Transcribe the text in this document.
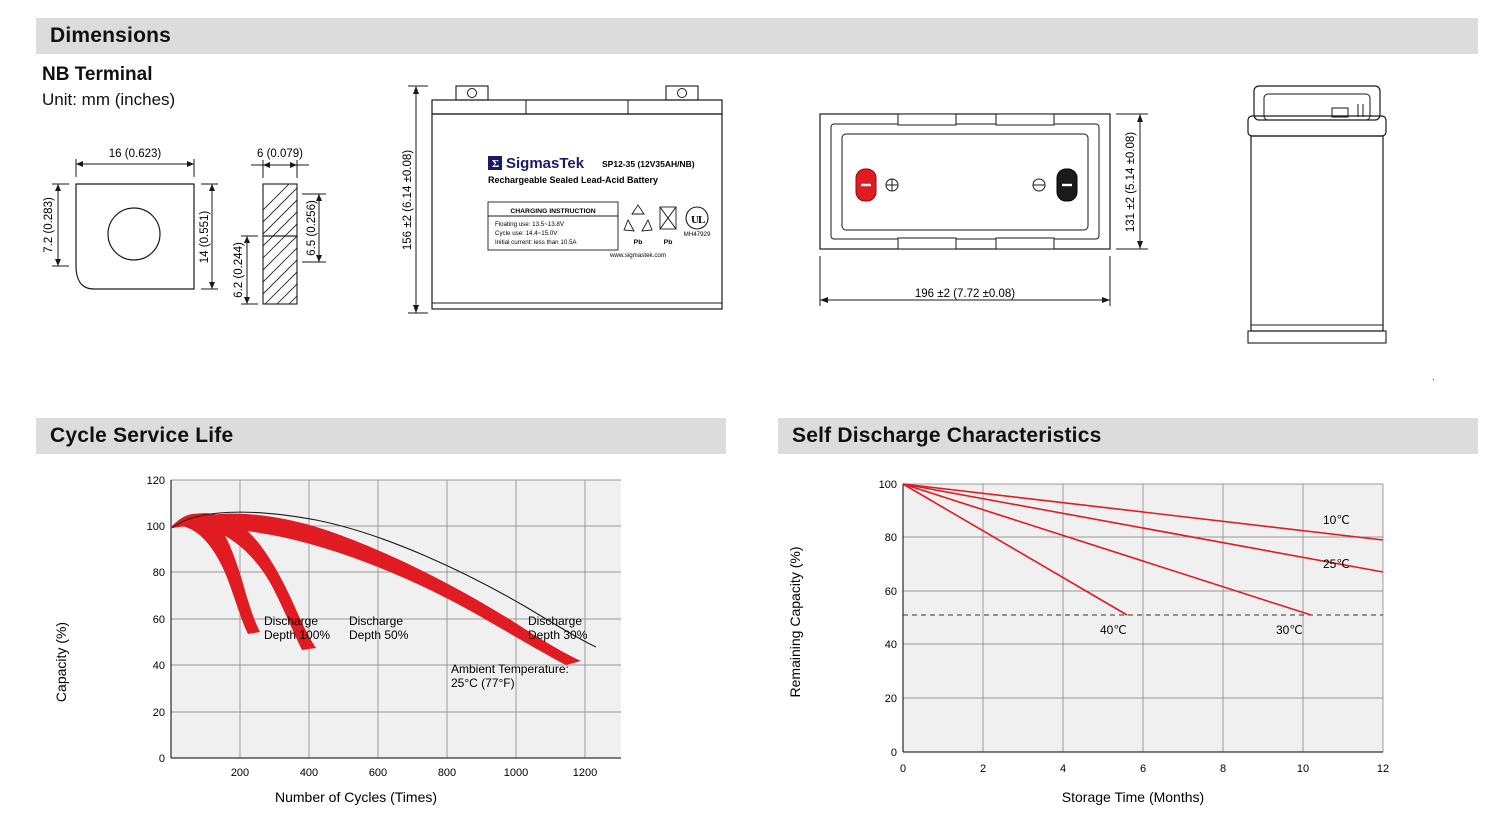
Dimensions
NB Terminal
Unit: mm (inches)
16 (0.623)
7.2 (0.283)	14 (0.551)
6 (0.079)
6.2 (0.244)
6.5 (0.256)	156 ±2 (6.14 ±0.08)	Σ SigmasTek SP12-35 (12V35AH/NB)
Rechargeable Sealed Lead-Acid Battery
CHARGING INSTRUCTION
Floating use: 13.5~13.8V
Cycle use: 14.4~15.0V
Initial current: less than 10.5A	Pb	Pb
U L
MH47929
www.sigmastek.com
131 ±2 (5.14 ±0.08)
196 ±2 (7.72 ±0.08)
.
Cycle Service Life
120
100
80
60
40
20
0
200	400	600	800	1000	1200
Discharge
Depth 100%
Discharge
Depth 50%
Discharge
Depth 30%
Ambient Temperature:
25°C (77°F)
Capacity (%)
Number of Cycles (Times)
Self Discharge Characteristics
100
80
60
40
20
0
0	2	4	6	8	10	12
10℃
25℃
30℃
40℃
Remaining Capacity (%)
Storage Time (Months)
